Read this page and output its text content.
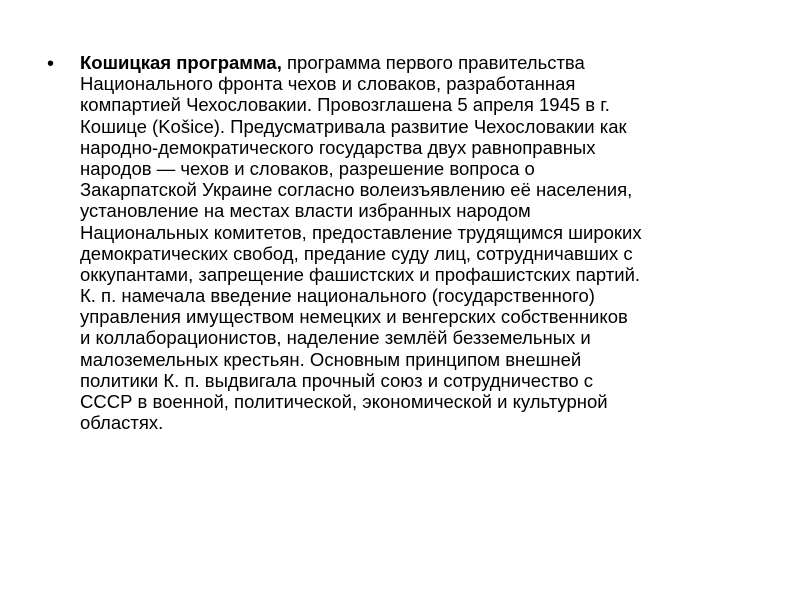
• Кошицкая программа, программа первого правительства
Национального фронта чехов и словаков, разработанная
компартией Чехословакии. Провозглашена 5 апреля 1945 в г.
Кошице (Košice). Предусматривала развитие Чехословакии как
народно-демократического государства двух равноправных
народов — чехов и словаков, разрешение вопроса о
Закарпатской Украине согласно волеизъявлению её населения,
установление на местах власти избранных народом
Национальных комитетов, предоставление трудящимся широких
демократических свобод, предание суду лиц, сотрудничавших с
оккупантами, запрещение фашистских и профашистских партий.
К. п. намечала введение национального (государственного)
управления имуществом немецких и венгерских собственников
и коллаборационистов, наделение землёй безземельных и
малоземельных крестьян. Основным принципом внешней
политики К. п. выдвигала прочный союз и сотрудничество с
СССР в военной, политической, экономической и культурной
областях.
